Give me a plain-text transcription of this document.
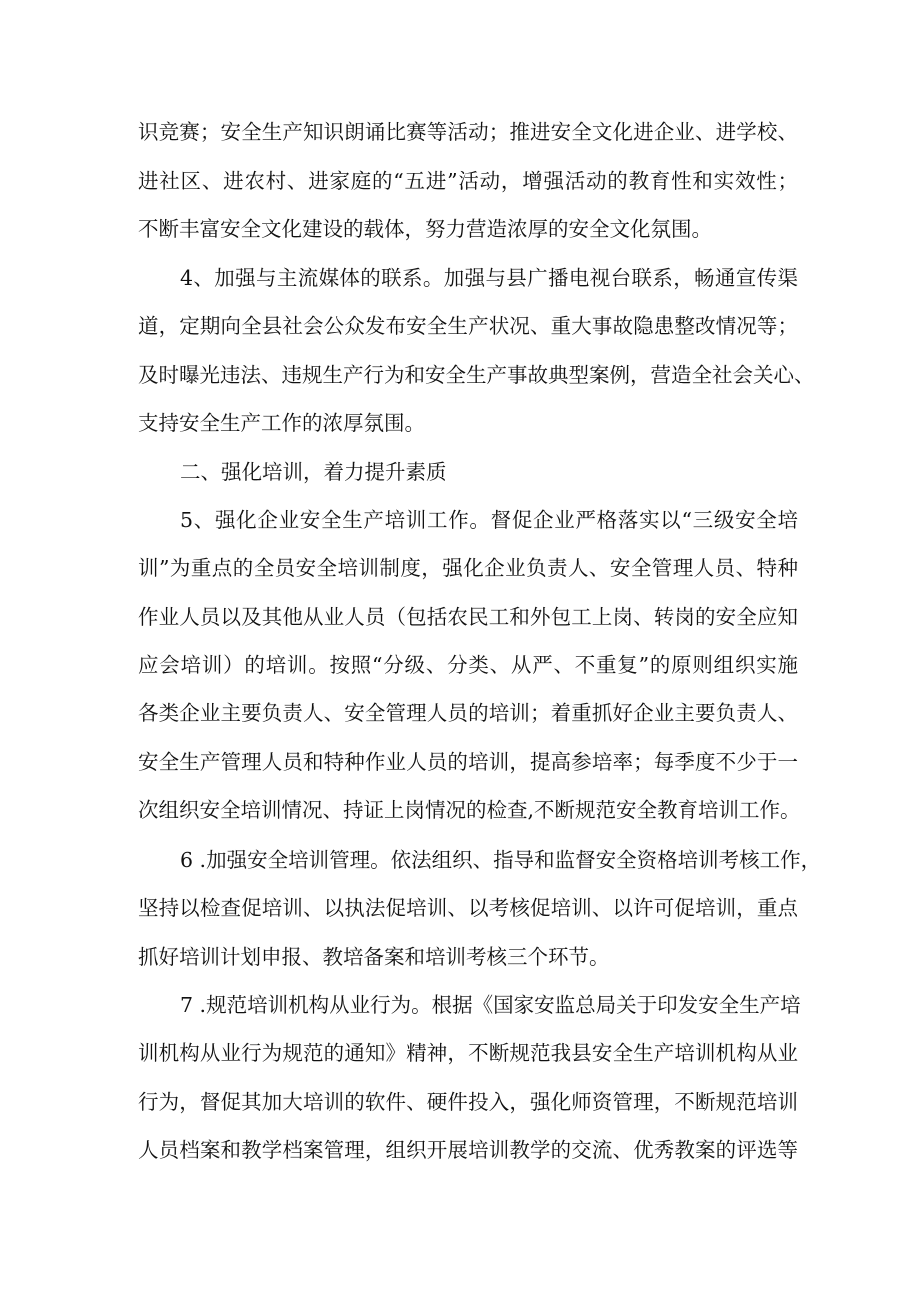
识竞赛；安全生产知识朗诵比赛等活动；推进安全文化进企业、进学校、
进社区、进农村、进家庭的“五进”活动，增强活动的教育性和实效性；
不断丰富安全文化建设的载体，努力营造浓厚的安全文化氛围。
4、加强与主流媒体的联系。加强与县广播电视台联系，畅通宣传渠
道，定期向全县社会公众发布安全生产状况、重大事故隐患整改情况等；
及时曝光违法、违规生产行为和安全生产事故典型案例，营造全社会关心、
支持安全生产工作的浓厚氛围。
二、强化培训，着力提升素质
5、强化企业安全生产培训工作。督促企业严格落实以“三级安全培
训”为重点的全员安全培训制度，强化企业负责人、安全管理人员、特种
作业人员以及其他从业人员（包括农民工和外包工上岗、转岗的安全应知
应会培训）的培训。按照“分级、分类、从严、不重复”的原则组织实施
各类企业主要负责人、安全管理人员的培训；着重抓好企业主要负责人、
安全生产管理人员和特种作业人员的培训，提高参培率；每季度不少于一
次组织安全培训情况、持证上岗情况的检查,不断规范安全教育培训工作。
6 .加强安全培训管理。依法组织、指导和监督安全资格培训考核工作，
坚持以检查促培训、以执法促培训、以考核促培训、以许可促培训，重点
抓好培训计划申报、教培备案和培训考核三个环节。
7 .规范培训机构从业行为。根据《国家安监总局关于印发安全生产培
训机构从业行为规范的通知》精神，不断规范我县安全生产培训机构从业
行为，督促其加大培训的软件、硬件投入，强化师资管理，不断规范培训
人员档案和教学档案管理，组织开展培训教学的交流、优秀教案的评选等
